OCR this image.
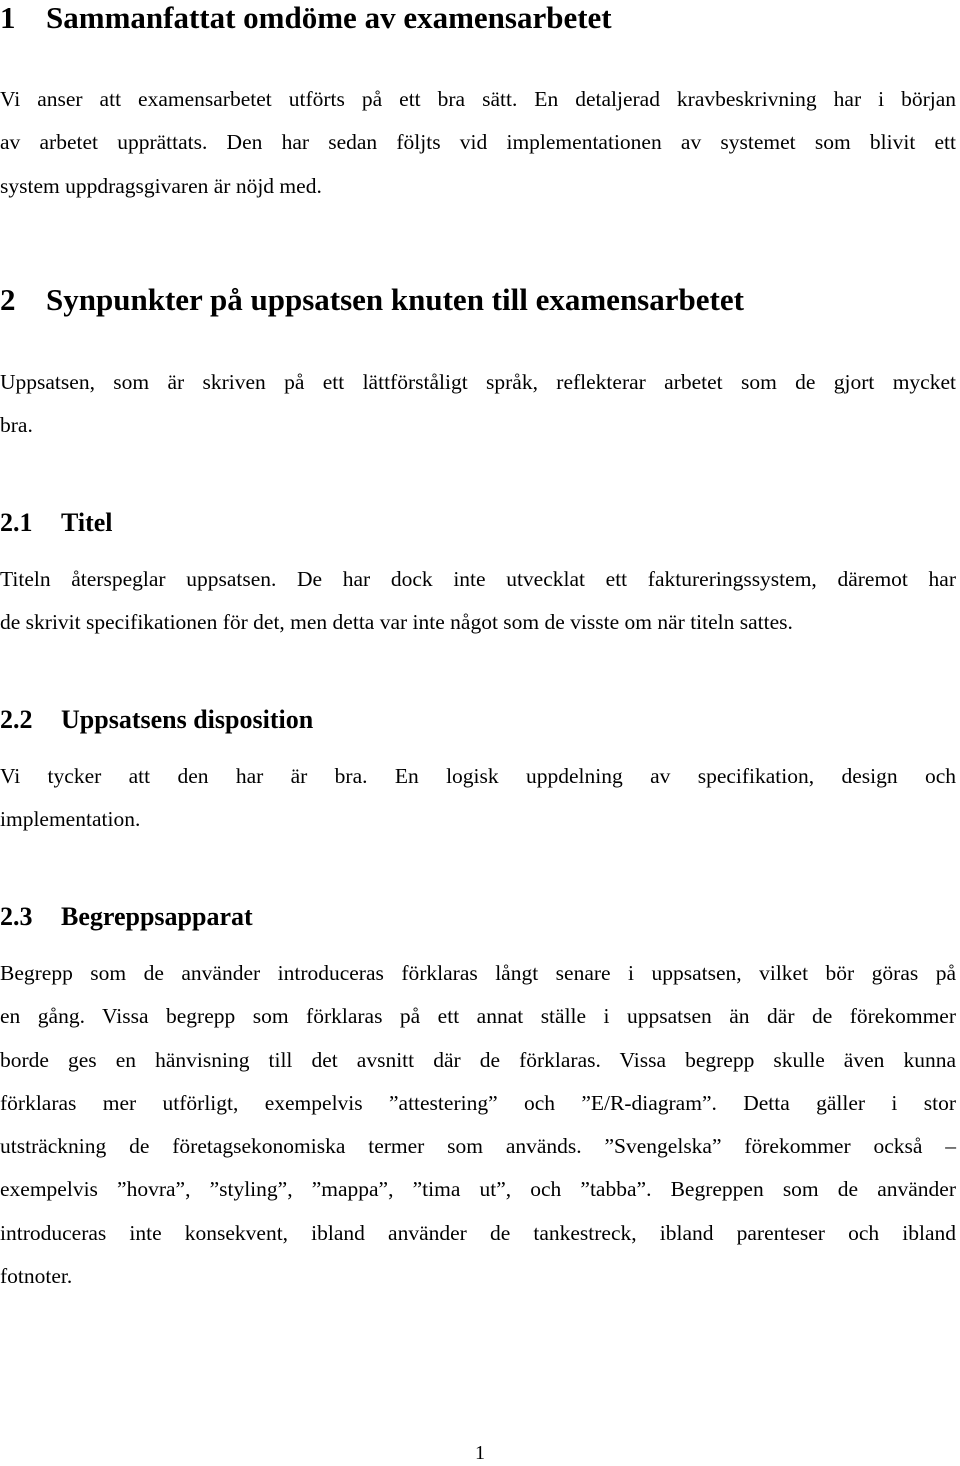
1 Sammanfattat omdöme av examensarbetet
Vi anser att examensarbetet utförts på ett bra sätt. En detaljerad kravbeskrivning har i början
av arbetet upprättats. Den har sedan följts vid implementationen av systemet som blivit ett
system uppdragsgivaren är nöjd med.
2 Synpunkter på uppsatsen knuten till examensarbetet
Uppsatsen, som är skriven på ett lättförståligt språk, reflekterar arbetet som de gjort mycket
bra.
2.1 Titel
Titeln återspeglar uppsatsen. De har dock inte utvecklat ett faktureringssystem, däremot har
de skrivit specifikationen för det, men detta var inte något som de visste om när titeln sattes.
2.2 Uppsatsens disposition
Vi tycker att den har är bra. En logisk uppdelning av specifikation, design och
implementation.
2.3 Begreppsapparat
Begrepp som de använder introduceras förklaras långt senare i uppsatsen, vilket bör göras på
en gång. Vissa begrepp som förklaras på ett annat ställe i uppsatsen än där de förekommer
borde ges en hänvisning till det avsnitt där de förklaras. Vissa begrepp skulle även kunna
förklaras mer utförligt, exempelvis ”attestering” och ”E/R-diagram”. Detta gäller i stor
utsträckning de företagsekonomiska termer som används. ”Svengelska” förekommer också –
exempelvis ”hovra”, ”styling”, ”mappa”, ”tima ut”, och ”tabba”. Begreppen som de använder
introduceras inte konsekvent, ibland använder de tankestreck, ibland parenteser och ibland
fotnoter.
1
